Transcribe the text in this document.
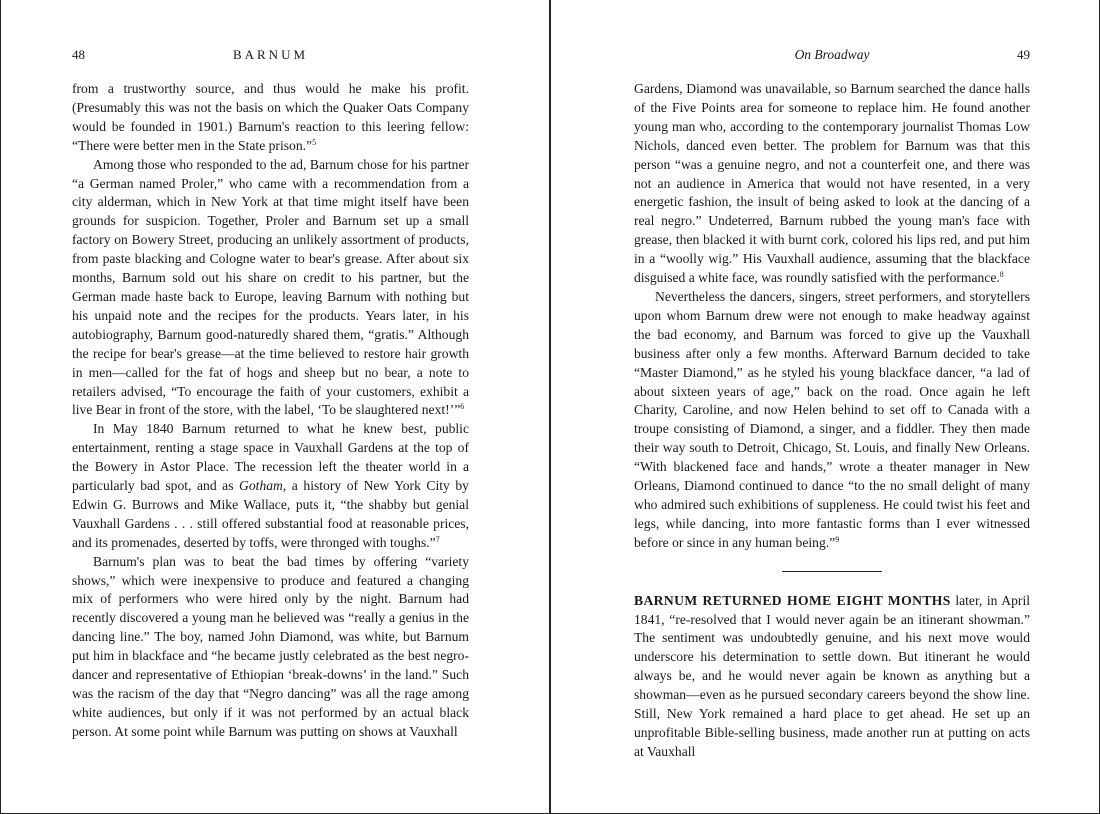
48	BARNUM

from a trustworthy source, and thus would he make his profit. (Presumably this was not the basis on which the Quaker Oats Company would be founded in 1901.) Barnum's reaction to this leering fellow: “There were better men in the State prison.”$^5$

Among those who responded to the ad, Barnum chose for his partner “a German named Proler,” who came with a recommendation from a city alderman, which in New York at that time might itself have been grounds for suspicion. Together, Proler and Barnum set up a small factory on Bowery Street, producing an unlikely assortment of products, from paste blacking and Cologne water to bear's grease. After about six months, Barnum sold out his share on credit to his partner, but the German made haste back to Europe, leaving Barnum with nothing but his unpaid note and the recipes for the products. Years later, in his autobiography, Barnum good-naturedly shared them, “gratis.” Although the recipe for bear's grease—at the time believed to restore hair growth in men—called for the fat of hogs and sheep but no bear, a note to retailers advised, “To encourage the faith of your customers, exhibit a live Bear in front of the store, with the label, ‘To be slaughtered next!’”$^6$

In May 1840 Barnum returned to what he knew best, public entertainment, renting a stage space in Vauxhall Gardens at the top of the Bowery in Astor Place. The recession left the theater world in a particularly bad spot, and as Gotham, a history of New York City by Edwin G. Burrows and Mike Wallace, puts it, “the shabby but genial Vauxhall Gardens . . . still offered substantial food at reasonable prices, and its promenades, deserted by toffs, were thronged with toughs.”$^7$

Barnum's plan was to beat the bad times by offering “variety shows,” which were inexpensive to produce and featured a changing mix of performers who were hired only by the night. Barnum had recently discovered a young man he believed was “really a genius in the dancing line.” The boy, named John Diamond, was white, but Barnum put him in blackface and “he became justly celebrated as the best negro-dancer and representative of Ethiopian ‘break-downs’ in the land.” Such was the racism of the day that “Negro dancing” was all the rage among white audiences, but only if it was not performed by an actual black person. At some point while Barnum was putting on shows at Vauxhall

On Broadway	49

Gardens, Diamond was unavailable, so Barnum searched the dance halls of the Five Points area for someone to replace him. He found another young man who, according to the contemporary journalist Thomas Low Nichols, danced even better. The problem for Barnum was that this person “was a genuine negro, and not a counterfeit one, and there was not an audience in America that would not have resented, in a very energetic fashion, the insult of being asked to look at the dancing of a real negro.” Undeterred, Barnum rubbed the young man's face with grease, then blacked it with burnt cork, colored his lips red, and put him in a “woolly wig.” His Vauxhall audience, assuming that the blackface disguised a white face, was roundly satisfied with the performance.$^8$

Nevertheless the dancers, singers, street performers, and storytellers upon whom Barnum drew were not enough to make headway against the bad economy, and Barnum was forced to give up the Vauxhall business after only a few months. Afterward Barnum decided to take “Master Diamond,” as he styled his young blackface dancer, “a lad of about sixteen years of age,” back on the road. Once again he left Charity, Caroline, and now Helen behind to set off to Canada with a troupe consisting of Diamond, a singer, and a fiddler. They then made their way south to Detroit, Chicago, St. Louis, and finally New Orleans. “With blackened face and hands,” wrote a theater manager in New Orleans, Diamond continued to dance “to the no small delight of many who admired such exhibitions of suppleness. He could twist his feet and legs, while dancing, into more fantastic forms than I ever witnessed before or since in any human being.”$^9$

BARNUM RETURNED HOME EIGHT MONTHS later, in April 1841, “re-resolved that I would never again be an itinerant showman.” The sentiment was undoubtedly genuine, and his next move would underscore his determination to settle down. But itinerant he would always be, and he would never again be known as anything but a showman—even as he pursued secondary careers beyond the show line. Still, New York remained a hard place to get ahead. He set up an unprofitable Bible-selling business, made another run at putting on acts at Vauxhall
